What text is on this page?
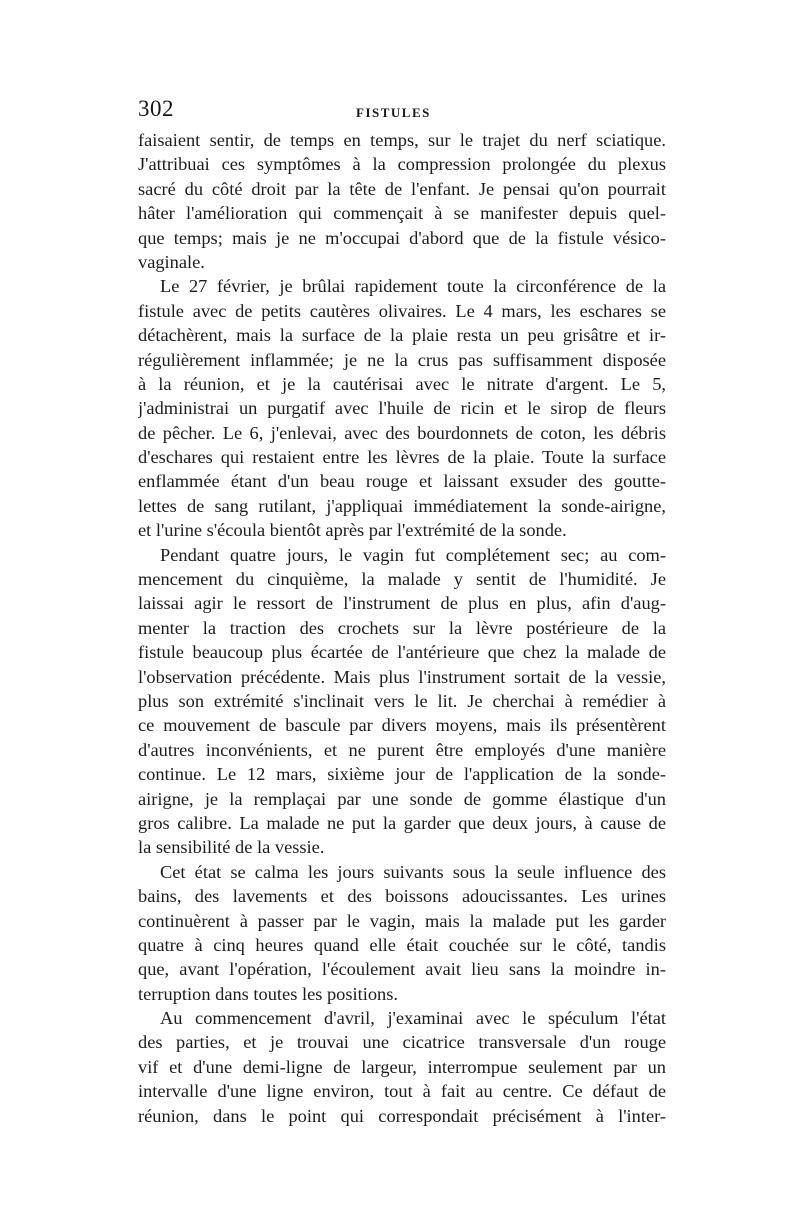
302	FISTULES
faisaient sentir, de temps en temps, sur le trajet du nerf sciatique.
J'attribuai ces symptômes à la compression prolongée du plexus
sacré du côté droit par la tête de l'enfant. Je pensai qu'on pourrait
hâter l'amélioration qui commençait à se manifester depuis quel-
que temps; mais je ne m'occupai d'abord que de la fistule vésico-
vaginale.
Le 27 février, je brûlai rapidement toute la circonférence de la
fistule avec de petits cautères olivaires. Le 4 mars, les eschares se
détachèrent, mais la surface de la plaie resta un peu grisâtre et ir-
régulièrement inflammée; je ne la crus pas suffisamment disposée
à la réunion, et je la cautérisai avec le nitrate d'argent. Le 5,
j'administrai un purgatif avec l'huile de ricin et le sirop de fleurs
de pêcher. Le 6, j'enlevai, avec des bourdonnets de coton, les débris
d'eschares qui restaient entre les lèvres de la plaie. Toute la surface
enflammée étant d'un beau rouge et laissant exsuder des goutte-
lettes de sang rutilant, j'appliquai immédiatement la sonde-airigne,
et l'urine s'écoula bientôt après par l'extrémité de la sonde.
Pendant quatre jours, le vagin fut complétement sec; au com-
mencement du cinquième, la malade y sentit de l'humidité. Je
laissai agir le ressort de l'instrument de plus en plus, afin d'aug-
menter la traction des crochets sur la lèvre postérieure de la
fistule beaucoup plus écartée de l'antérieure que chez la malade de
l'observation précédente. Mais plus l'instrument sortait de la vessie,
plus son extrémité s'inclinait vers le lit. Je cherchai à remédier à
ce mouvement de bascule par divers moyens, mais ils présentèrent
d'autres inconvénients, et ne purent être employés d'une manière
continue. Le 12 mars, sixième jour de l'application de la sonde-
airigne, je la remplaçai par une sonde de gomme élastique d'un
gros calibre. La malade ne put la garder que deux jours, à cause de
la sensibilité de la vessie.
Cet état se calma les jours suivants sous la seule influence des
bains, des lavements et des boissons adoucissantes. Les urines
continuèrent à passer par le vagin, mais la malade put les garder
quatre à cinq heures quand elle était couchée sur le côté, tandis
que, avant l'opération, l'écoulement avait lieu sans la moindre in-
terruption dans toutes les positions.
Au commencement d'avril, j'examinai avec le spéculum l'état
des parties, et je trouvai une cicatrice transversale d'un rouge
vif et d'une demi-ligne de largeur, interrompue seulement par un
intervalle d'une ligne environ, tout à fait au centre. Ce défaut de
réunion, dans le point qui correspondait précisément à l'inter-
